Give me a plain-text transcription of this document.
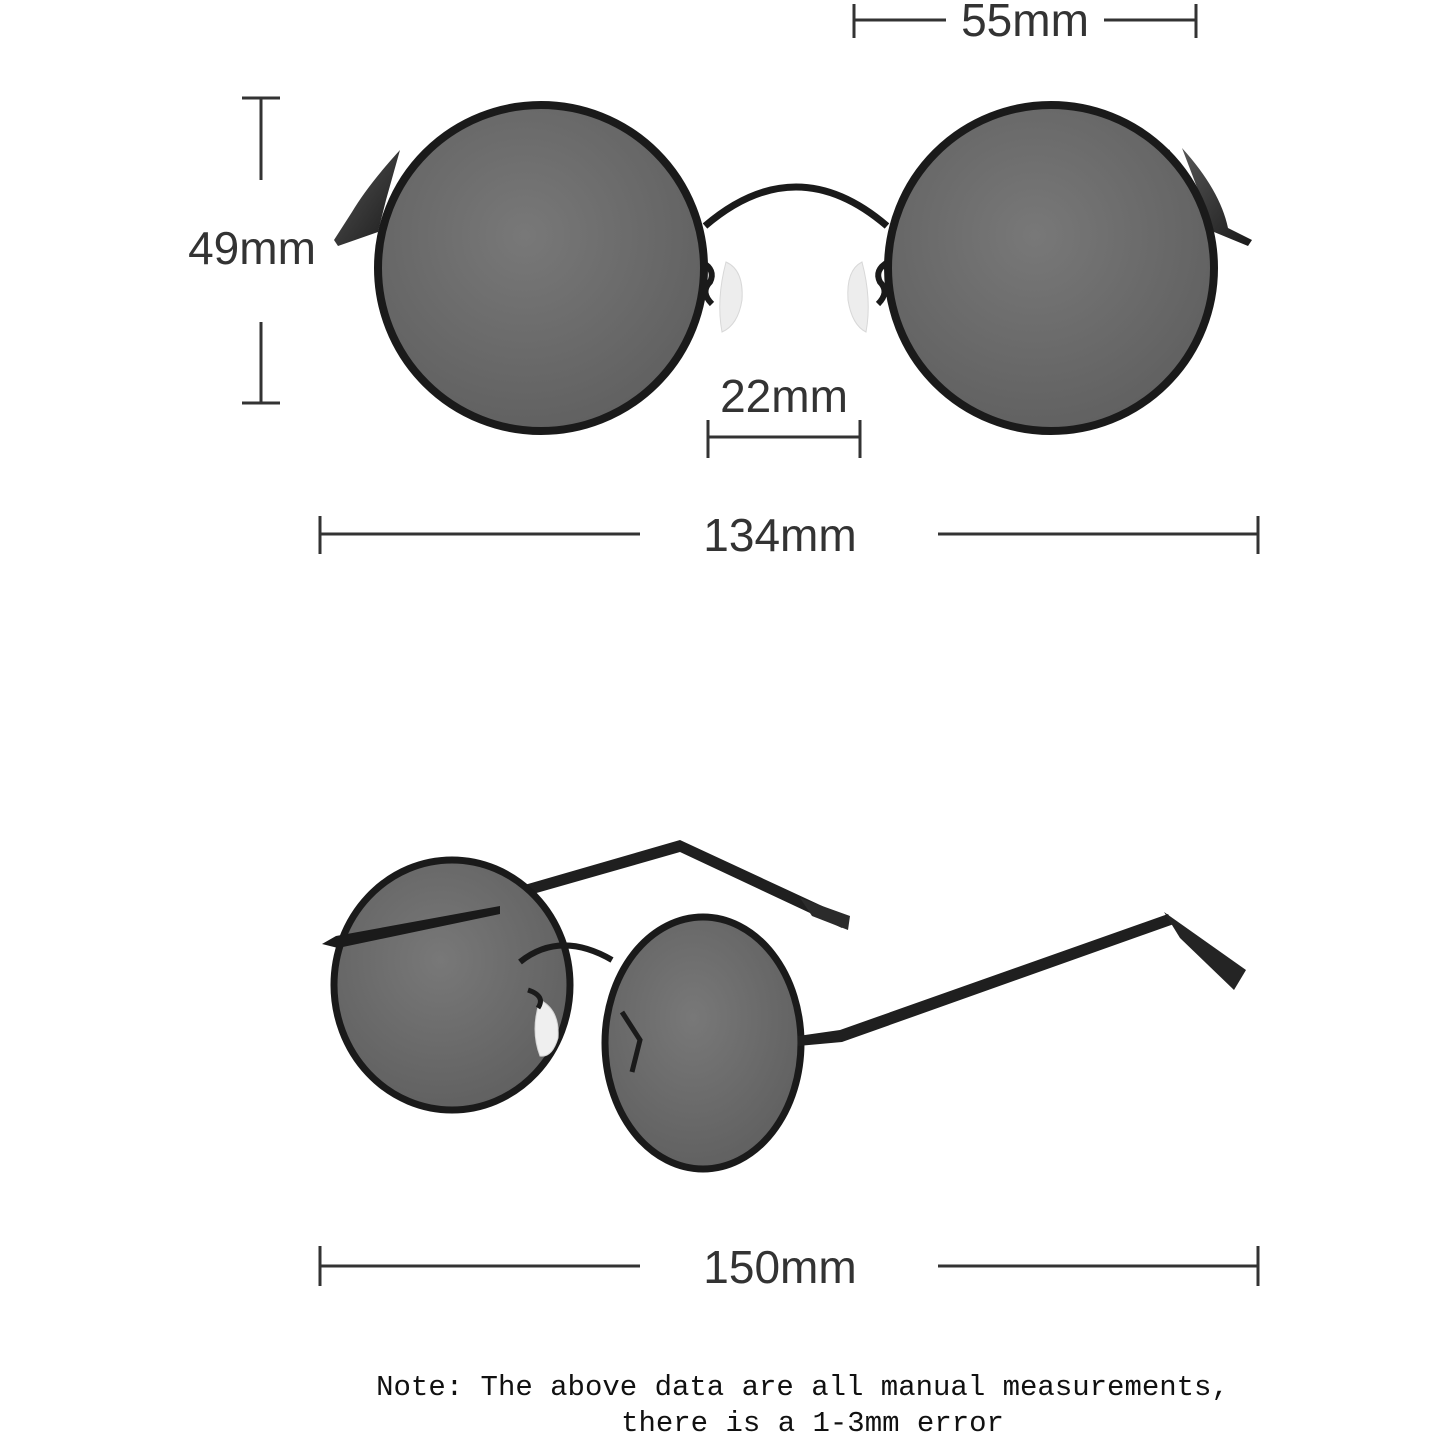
55mm
49mm
22mm
134mm
150mm
Note: The above data are all manual measurements,
there is a 1-3mm error
